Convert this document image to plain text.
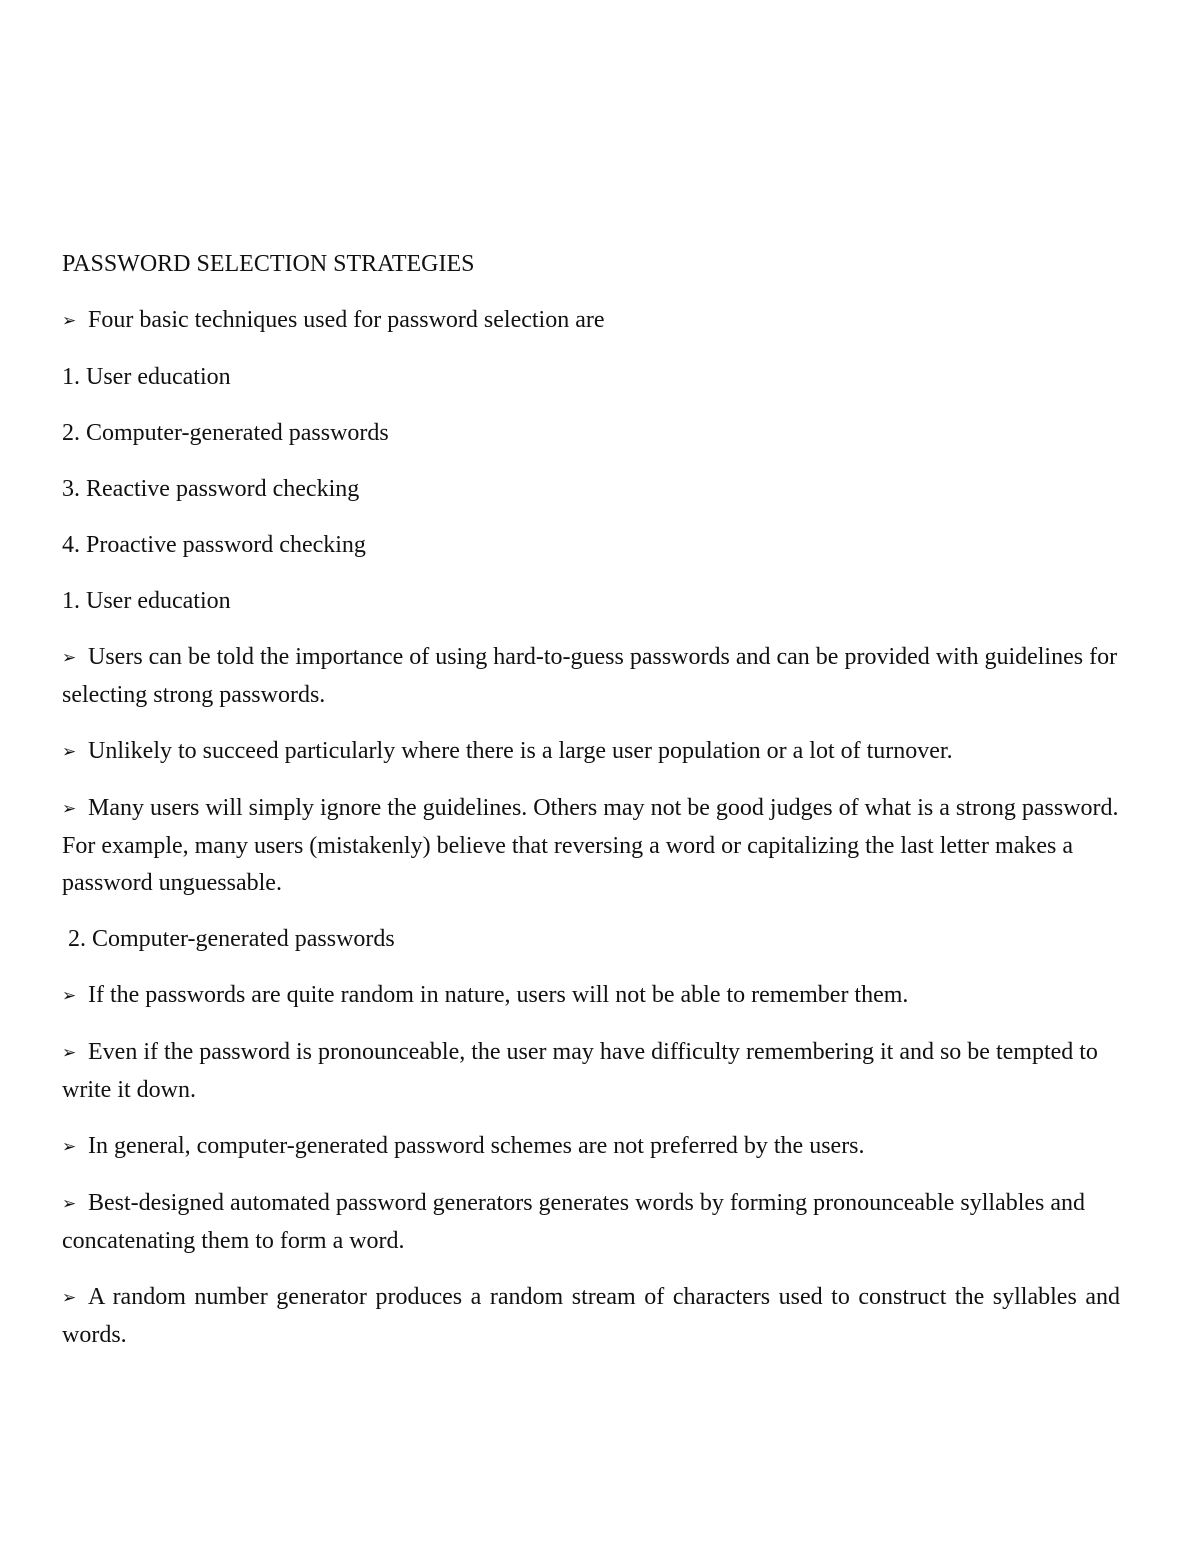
PASSWORD SELECTION STRATEGIES
➢ Four basic techniques used for password selection are
1. User education
2. Computer-generated passwords
3. Reactive password checking
4. Proactive password checking
1. User education
➢ Users can be told the importance of using hard-to-guess passwords and can be provided with guidelines for selecting strong passwords.
➢ Unlikely to succeed particularly where there is a large user population or a lot of turnover.
➢ Many users will simply ignore the guidelines. Others may not be good judges of what is a strong password. For example, many users (mistakenly) believe that reversing a word or capitalizing the last letter makes a password unguessable.
2. Computer-generated passwords
➢ If the passwords are quite random in nature, users will not be able to remember them.
➢ Even if the password is pronounceable, the user may have difficulty remembering it and so be tempted to write it down.
➢ In general, computer-generated password schemes are not preferred by the users.
➢ Best-designed automated password generators generates words by forming pronounceable syllables and concatenating them to form a word.
➢ A random number generator produces a random stream of characters used to construct the syllables and words.
